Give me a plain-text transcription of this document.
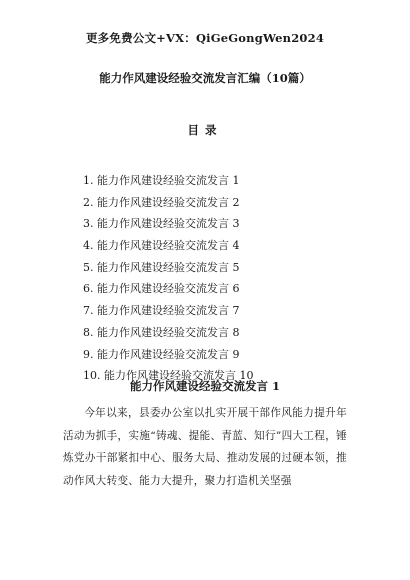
更多免费公文+VX：QiGeGongWen2024
能力作风建设经验交流发言汇编（10篇）
目录
1. 能力作风建设经验交流发言 1
2. 能力作风建设经验交流发言 2
3. 能力作风建设经验交流发言 3
4. 能力作风建设经验交流发言 4
5. 能力作风建设经验交流发言 5
6. 能力作风建设经验交流发言 6
7. 能力作风建设经验交流发言 7
8. 能力作风建设经验交流发言 8
9. 能力作风建设经验交流发言 9
10. 能力作风建设经验交流发言 10
能力作风建设经验交流发言 1

今年以来，县委办公室以扎实开展干部作风能力提升年活动为抓手，实施“铸魂、提能、青蓝、知行”四大工程，锤炼党办干部紧扣中心、服务大局、推动发展的过硬本领，推动作风大转变、能力大提升，聚力打造机关坚强
